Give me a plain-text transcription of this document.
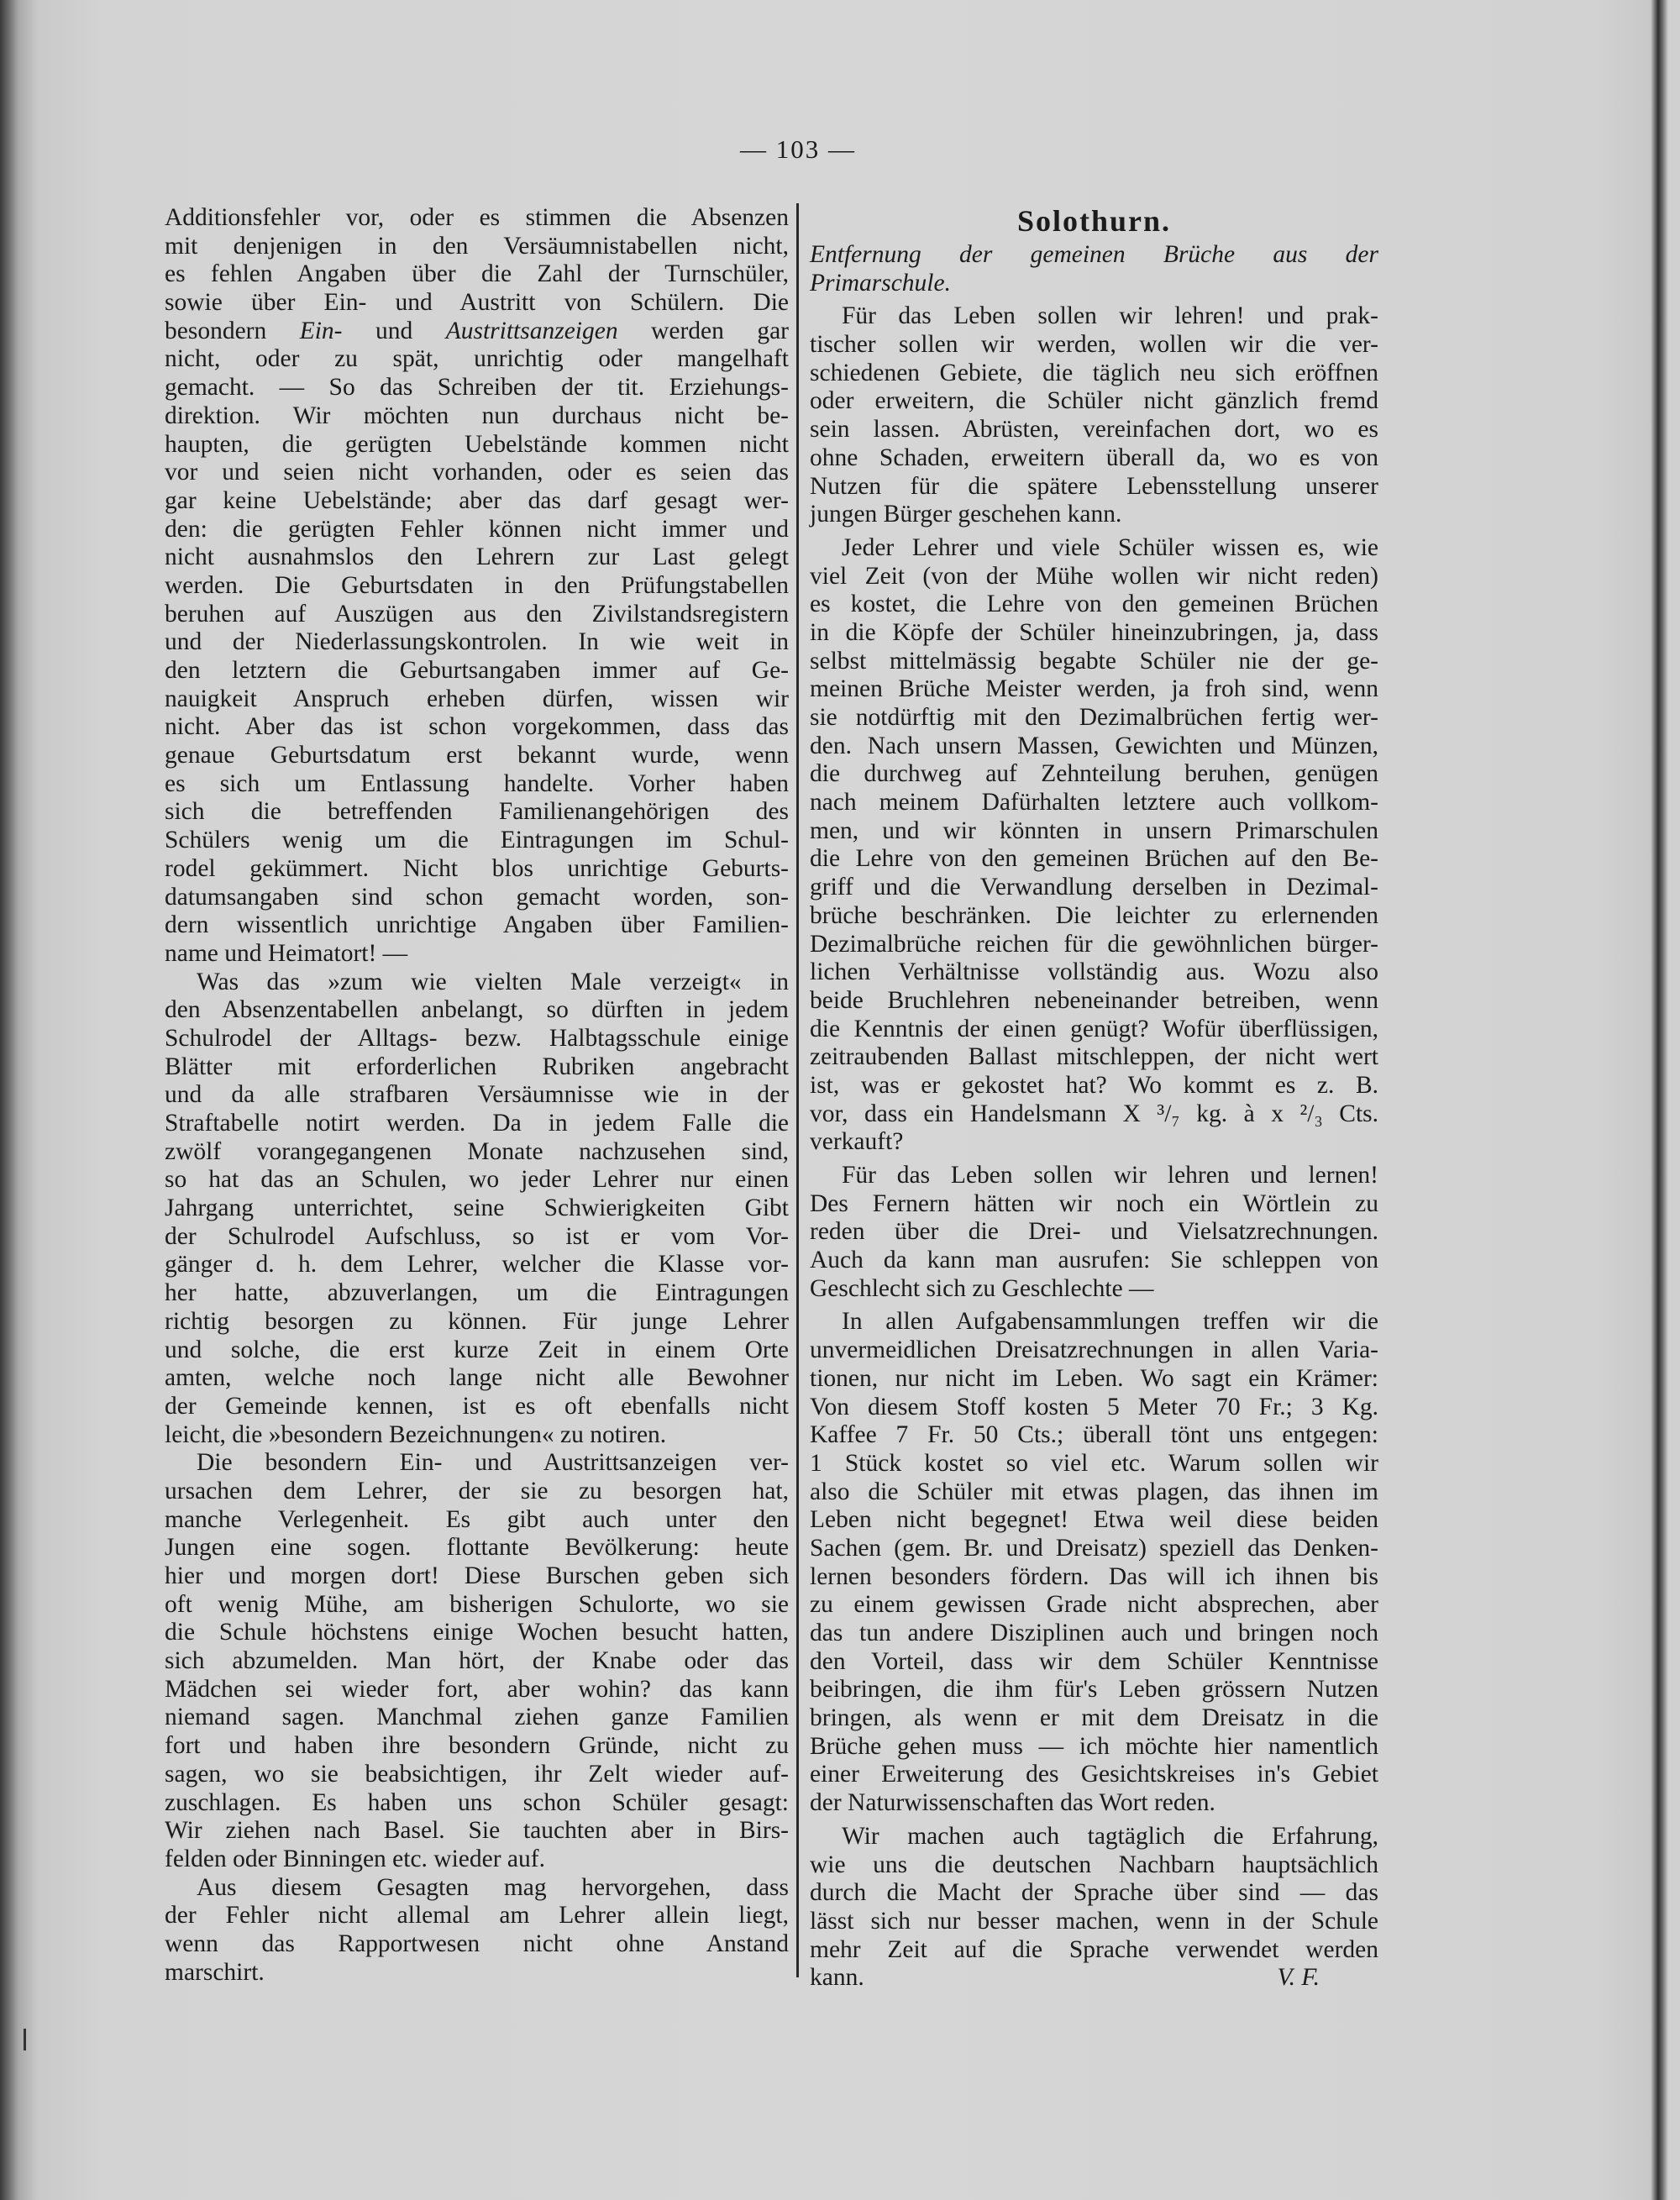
— 103 —
Additionsfehler vor, oder es stimmen die Absenzen
mit denjenigen in den Versäumnistabellen nicht,
es fehlen Angaben über die Zahl der Turnschüler,
sowie über Ein- und Austritt von Schülern. Die
besondern Ein- und Austrittsanzeigen werden gar
nicht, oder zu spät, unrichtig oder mangelhaft
gemacht. — So das Schreiben der tit. Erziehungs-
direktion. Wir möchten nun durchaus nicht be-
haupten, die gerügten Uebelstände kommen nicht
vor und seien nicht vorhanden, oder es seien das
gar keine Uebelstände; aber das darf gesagt wer-
den: die gerügten Fehler können nicht immer und
nicht ausnahmslos den Lehrern zur Last gelegt
werden. Die Geburtsdaten in den Prüfungstabellen
beruhen auf Auszügen aus den Zivilstandsregistern
und der Niederlassungskontrolen. In wie weit in
den letztern die Geburtsangaben immer auf Ge-
nauigkeit Anspruch erheben dürfen, wissen wir
nicht. Aber das ist schon vorgekommen, dass das
genaue Geburtsdatum erst bekannt wurde, wenn
es sich um Entlassung handelte. Vorher haben
sich die betreffenden Familienangehörigen des
Schülers wenig um die Eintragungen im Schul-
rodel gekümmert. Nicht blos unrichtige Geburts-
datumsangaben sind schon gemacht worden, son-
dern wissentlich unrichtige Angaben über Familien-
name und Heimatort! —
Was das »zum wie vielten Male verzeigt« in
den Absenzentabellen anbelangt, so dürften in jedem
Schulrodel der Alltags- bezw. Halbtagsschule einige
Blätter mit erforderlichen Rubriken angebracht
und da alle strafbaren Versäumnisse wie in der
Straftabelle notirt werden. Da in jedem Falle die
zwölf vorangegangenen Monate nachzusehen sind,
so hat das an Schulen, wo jeder Lehrer nur einen
Jahrgang unterrichtet, seine Schwierigkeiten Gibt
der Schulrodel Aufschluss, so ist er vom Vor-
gänger d. h. dem Lehrer, welcher die Klasse vor-
her hatte, abzuverlangen, um die Eintragungen
richtig besorgen zu können. Für junge Lehrer
und solche, die erst kurze Zeit in einem Orte
amten, welche noch lange nicht alle Bewohner
der Gemeinde kennen, ist es oft ebenfalls nicht
leicht, die »besondern Bezeichnungen« zu notiren.
Die besondern Ein- und Austrittsanzeigen ver-
ursachen dem Lehrer, der sie zu besorgen hat,
manche Verlegenheit. Es gibt auch unter den
Jungen eine sogen. flottante Bevölkerung: heute
hier und morgen dort! Diese Burschen geben sich
oft wenig Mühe, am bisherigen Schulorte, wo sie
die Schule höchstens einige Wochen besucht hatten,
sich abzumelden. Man hört, der Knabe oder das
Mädchen sei wieder fort, aber wohin? das kann
niemand sagen. Manchmal ziehen ganze Familien
fort und haben ihre besondern Gründe, nicht zu
sagen, wo sie beabsichtigen, ihr Zelt wieder auf-
zuschlagen. Es haben uns schon Schüler gesagt:
Wir ziehen nach Basel. Sie tauchten aber in Birs-
felden oder Binningen etc. wieder auf.
Aus diesem Gesagten mag hervorgehen, dass
der Fehler nicht allemal am Lehrer allein liegt,
wenn das Rapportwesen nicht ohne Anstand
marschirt.
Solothurn.
Entfernung der gemeinen Brüche aus der
Primarschule.
Für das Leben sollen wir lehren! und prak-
tischer sollen wir werden, wollen wir die ver-
schiedenen Gebiete, die täglich neu sich eröffnen
oder erweitern, die Schüler nicht gänzlich fremd
sein lassen. Abrüsten, vereinfachen dort, wo es
ohne Schaden, erweitern überall da, wo es von
Nutzen für die spätere Lebensstellung unserer
jungen Bürger geschehen kann.
Jeder Lehrer und viele Schüler wissen es, wie
viel Zeit (von der Mühe wollen wir nicht reden)
es kostet, die Lehre von den gemeinen Brüchen
in die Köpfe der Schüler hineinzubringen, ja, dass
selbst mittelmässig begabte Schüler nie der ge-
meinen Brüche Meister werden, ja froh sind, wenn
sie notdürftig mit den Dezimalbrüchen fertig wer-
den. Nach unsern Massen, Gewichten und Münzen,
die durchweg auf Zehnteilung beruhen, genügen
nach meinem Dafürhalten letztere auch vollkom-
men, und wir könnten in unsern Primarschulen
die Lehre von den gemeinen Brüchen auf den Be-
griff und die Verwandlung derselben in Dezimal-
brüche beschränken. Die leichter zu erlernenden
Dezimalbrüche reichen für die gewöhnlichen bürger-
lichen Verhältnisse vollständig aus. Wozu also
beide Bruchlehren nebeneinander betreiben, wenn
die Kenntnis der einen genügt? Wofür überflüssigen,
zeitraubenden Ballast mitschleppen, der nicht wert
ist, was er gekostet hat? Wo kommt es z. B.
vor, dass ein Handelsmann X ³/₇ kg. à x ²/₃ Cts.
verkauft?
Für das Leben sollen wir lehren und lernen!
Des Fernern hätten wir noch ein Wörtlein zu
reden über die Drei- und Vielsatzrechnungen.
Auch da kann man ausrufen: Sie schleppen von
Geschlecht sich zu Geschlechte —
In allen Aufgabensammlungen treffen wir die
unvermeidlichen Dreisatzrechnungen in allen Varia-
tionen, nur nicht im Leben. Wo sagt ein Krämer:
Von diesem Stoff kosten 5 Meter 70 Fr.; 3 Kg.
Kaffee 7 Fr. 50 Cts.; überall tönt uns entgegen:
1 Stück kostet so viel etc. Warum sollen wir
also die Schüler mit etwas plagen, das ihnen im
Leben nicht begegnet! Etwa weil diese beiden
Sachen (gem. Br. und Dreisatz) speziell das Denken-
lernen besonders fördern. Das will ich ihnen bis
zu einem gewissen Grade nicht absprechen, aber
das tun andere Disziplinen auch und bringen noch
den Vorteil, dass wir dem Schüler Kenntnisse
beibringen, die ihm für's Leben grössern Nutzen
bringen, als wenn er mit dem Dreisatz in die
Brüche gehen muss — ich möchte hier namentlich
einer Erweiterung des Gesichtskreises in's Gebiet
der Naturwissenschaften das Wort reden.
Wir machen auch tagtäglich die Erfahrung,
wie uns die deutschen Nachbarn hauptsächlich
durch die Macht der Sprache über sind — das
lässt sich nur besser machen, wenn in der Schule
mehr Zeit auf die Sprache verwendet werden
kann.	V. F.
